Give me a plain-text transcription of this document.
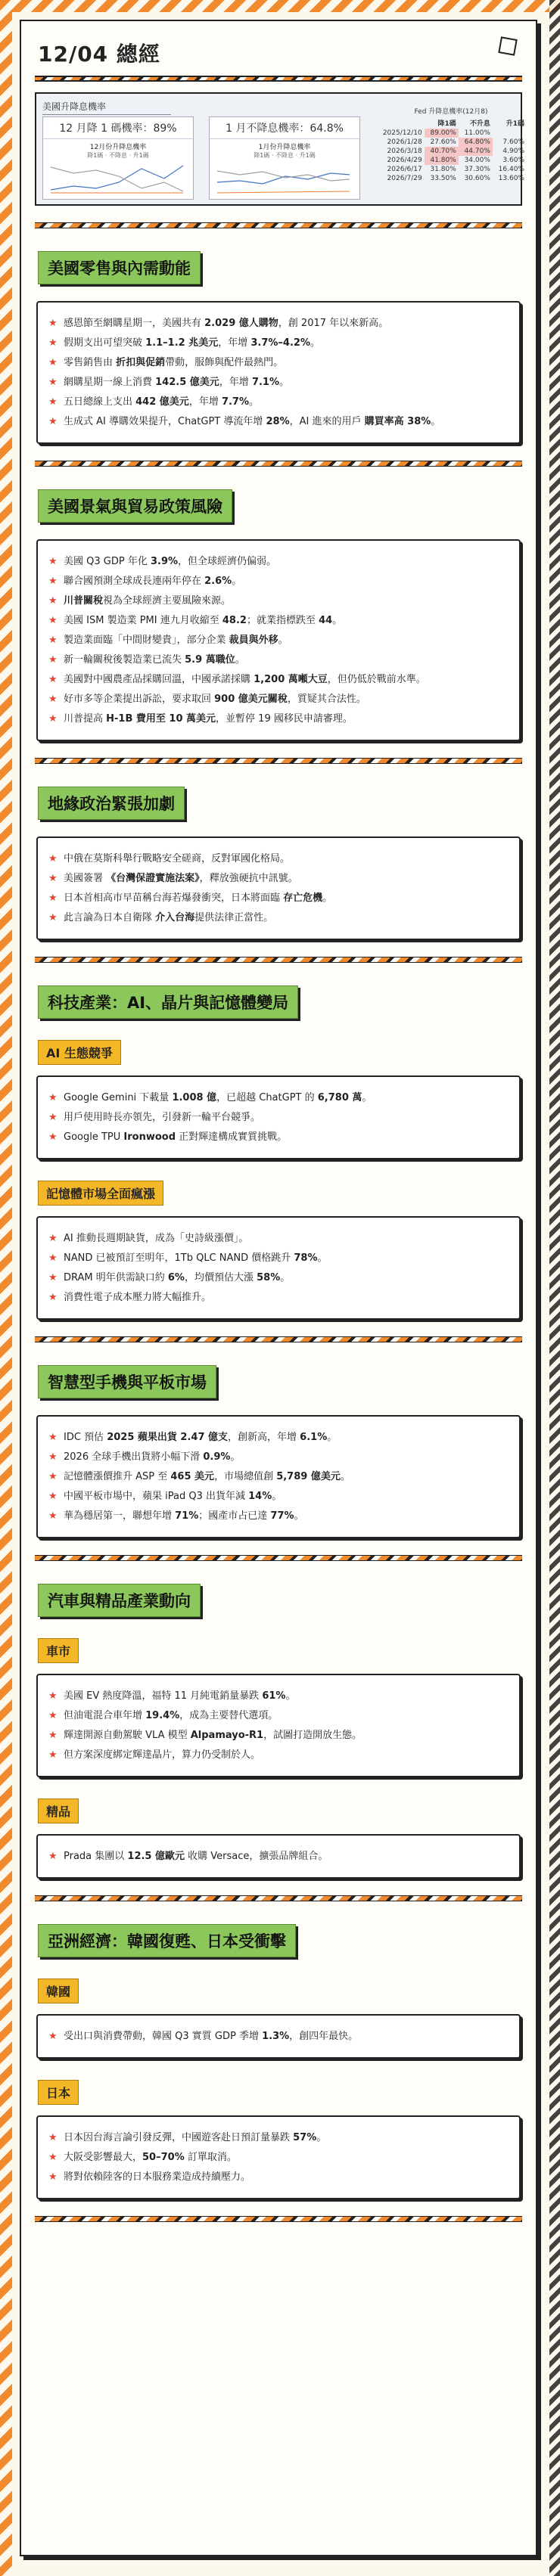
12/04 總經
美國升降息機率
12 月降 1 碼機率：89%
12月份升降息機率
降1碼 · 不降息 · 升1碼
1 月不降息機率：64.8%
1月份升降息機率
降1碼 · 不降息 · 升1碼
Fed 升降息機率(12月8)
	降1碼	不升息	升1碼
2025/12/10	89.00%	11.00%	
2026/1/28	27.60%	64.80%	7.60%
2026/3/18	40.70%	44.70%	4.90%
2026/4/29	41.80%	34.00%	3.60%
2026/6/17	31.80%	37.30%	16.40%
2026/7/29	33.50%	30.60%	13.60%
美國零售與內需動能
★ 感恩節至網購星期一，美國共有 2.029 億人購物，創 2017 年以來新高。
★ 假期支出可望突破 1.1–1.2 兆美元，年增 3.7%–4.2%。
★ 零售銷售由 折扣與促銷帶動，服飾與配件最熱門。
★ 網購星期一線上消費 142.5 億美元，年增 7.1%。
★ 五日總線上支出 442 億美元，年增 7.7%。
★ 生成式 AI 導購效果提升，ChatGPT 導流年增 28%，AI 進來的用戶 購買率高 38%。
美國景氣與貿易政策風險
★ 美國 Q3 GDP 年化 3.9%，但全球經濟仍偏弱。
★ 聯合國預測全球成長連兩年停在 2.6%。
★ 川普關稅視為全球經濟主要風險來源。
★ 美國 ISM 製造業 PMI 連九月收縮至 48.2；就業指標跌至 44。
★ 製造業面臨「中間財變貴」，部分企業 裁員與外移。
★ 新一輪關稅後製造業已流失 5.9 萬職位。
★ 美國對中國農產品採購回溫，中國承諾採購 1,200 萬噸大豆，但仍低於戰前水準。
★ 好市多等企業提出訴訟，要求取回 900 億美元關稅，質疑其合法性。
★ 川普提高 H-1B 費用至 10 萬美元，並暫停 19 國移民申請審理。
地緣政治緊張加劇
★ 中俄在莫斯科舉行戰略安全磋商，反對軍國化格局。
★ 美國簽署 《台灣保證實施法案》，釋放強硬抗中訊號。
★ 日本首相高市早苗稱台海若爆發衝突，日本將面臨 存亡危機。
★ 此言論為日本自衛隊 介入台海提供法律正當性。
科技產業：AI、晶片與記憶體變局
AI 生態競爭

★ Google Gemini 下載量 1.008 億，已超越 ChatGPT 的 6,780 萬。
★ 用戶使用時長亦領先，引發新一輪平台競爭。
★ Google TPU Ironwood 正對輝達構成實質挑戰。
記憶體市場全面瘋漲

★ AI 推動長週期缺貨，成為「史詩級漲價」。
★ NAND 已被預訂至明年，1Tb QLC NAND 價格跳升 78%。
★ DRAM 明年供需缺口約 6%，均價預估大漲 58%。
★ 消費性電子成本壓力將大幅推升。
智慧型手機與平板市場
★ IDC 預估 2025 蘋果出貨 2.47 億支，創新高，年增 6.1%。
★ 2026 全球手機出貨將小幅下滑 0.9%。
★ 記憶體漲價推升 ASP 至 465 美元，市場總值創 5,789 億美元。
★ 中國平板市場中，蘋果 iPad Q3 出貨年減 14%。
★ 華為穩居第一，聯想年增 71%；國產市占已達 77%。
汽車與精品產業動向
車市

★ 美國 EV 熱度降溫，福特 11 月純電銷量暴跌 61%。
★ 但油電混合車年增 19.4%，成為主要替代選項。
★ 輝達開源自動駕駛 VLA 模型 Alpamayo-R1，試圖打造開放生態。
★ 但方案深度綁定輝達晶片，算力仍受制於人。
精品

★ Prada 集團以 12.5 億歐元 收購 Versace，擴張品牌組合。
亞洲經濟：韓國復甦、日本受衝擊
韓國

★ 受出口與消費帶動，韓國 Q3 實質 GDP 季增 1.3%，創四年最快。
日本

★ 日本因台海言論引發反彈，中國遊客赴日預訂量暴跌 57%。
★ 大阪受影響最大，50–70% 訂單取消。
★ 將對依賴陸客的日本服務業造成持續壓力。
